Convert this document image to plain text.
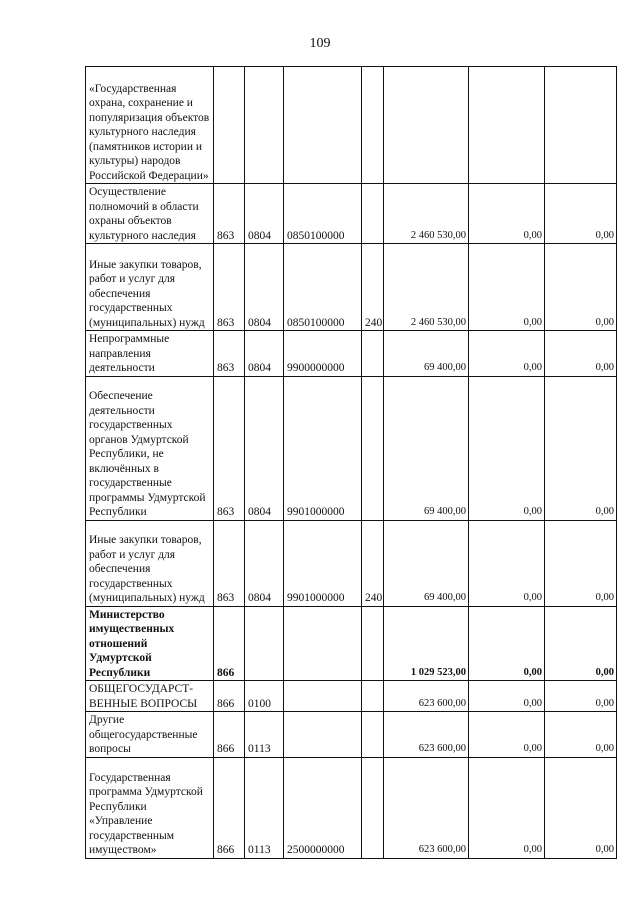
109
«Государственная охрана, сохранение и популяризация объектов культурного наследия (памятников истории и культуры) народов Российской Федерации»							
Осуществление полномочий в области охраны объектов культурного наследия	863	0804	0850100000		2 460 530,00	0,00	0,00
Иные закупки товаров, работ и услуг для обеспечения государственных (муниципальных) нужд	863	0804	0850100000	240	2 460 530,00	0,00	0,00
Непрограммные направления деятельности	863	0804	9900000000		69 400,00	0,00	0,00
Обеспечение деятельности государственных органов Удмуртской Республики, не включённых в государственные программы Удмуртской Республики	863	0804	9901000000		69 400,00	0,00	0,00
Иные закупки товаров, работ и услуг для обеспечения государственных (муниципальных) нужд	863	0804	9901000000	240	69 400,00	0,00	0,00
Министерство имущественных отношений Удмуртской Республики	866				1 029 523,00	0,00	0,00
ОБЩЕГОСУДАРСТ-ВЕННЫЕ ВОПРОСЫ	866	0100			623 600,00	0,00	0,00
Другие общегосударственные вопросы	866	0113			623 600,00	0,00	0,00
Государственная программа Удмуртской Республики «Управление государственным имуществом»	866	0113	2500000000		623 600,00	0,00	0,00
